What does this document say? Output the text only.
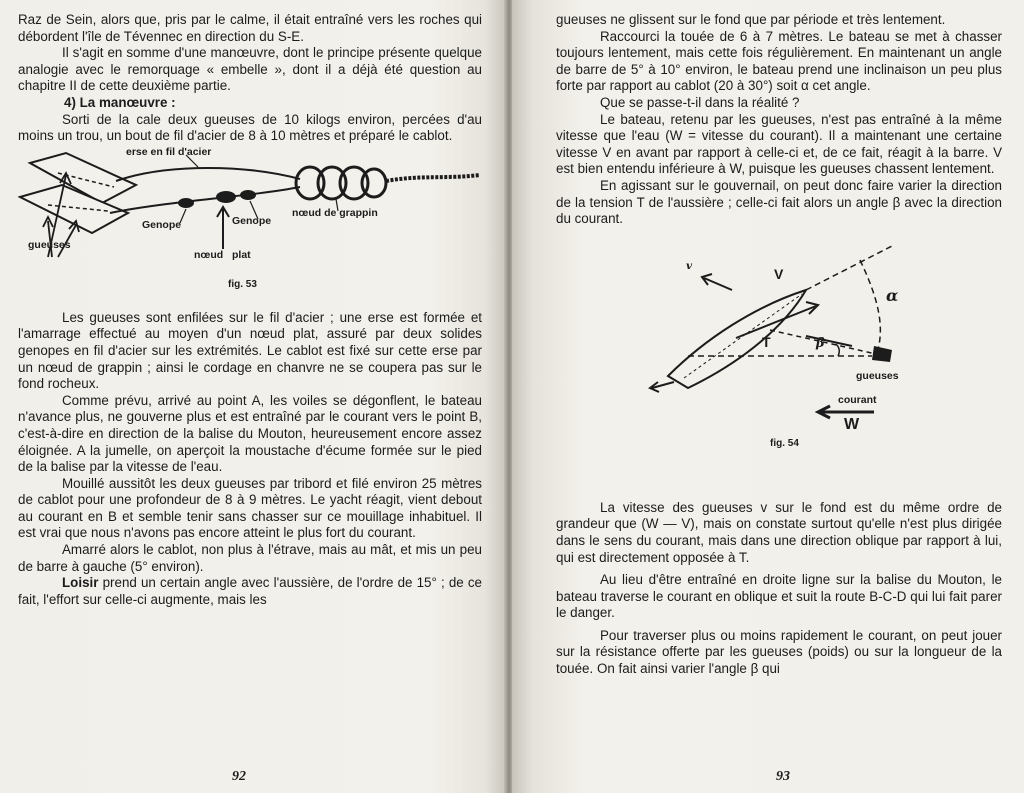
Raz de Sein, alors que, pris par le calme, il était entraîné vers les roches qui débordent l'île de Tévennec en direction du S-E.

Il s'agit en somme d'une manœuvre, dont le principe présente quelque analogie avec le remorquage « embelle », dont il a déjà été question au chapitre II de cette deuxième partie.

4) La manœuvre :

Sorti de la cale deux gueuses de 10 kilogs environ, percées d'au moins un trou, un bout de fil d'acier de 8 à 10 mètres et préparé le cablot.

erse en fil d'acier
gueuses
Genope	Genope
nœud plat
nœud de grappin
fig. 53

Les gueuses sont enfilées sur le fil d'acier ; une erse est formée et l'amarrage effectué au moyen d'un nœud plat, assuré par deux solides genopes en fil d'acier sur les extrémités. Le cablot est fixé sur cette erse par un nœud de grappin ; ainsi le cordage en chanvre ne se coupera pas sur le fond rocheux.

Comme prévu, arrivé au point A, les voiles se dégonflent, le bateau n'avance plus, ne gouverne plus et est entraîné par le courant vers le point B, c'est-à-dire en direction de la balise du Mouton, heureusement encore assez éloignée. A la jumelle, on aperçoit la moustache d'écume formée sur le pied de la balise par la vitesse de l'eau.

Mouillé aussitôt les deux gueuses par tribord et filé environ 25 mètres de cablot pour une profondeur de 8 à 9 mètres. Le yacht réagit, vient debout au courant en B et semble tenir sans chasser sur ce mouillage inhabituel. Il est vrai que nous n'avons pas encore atteint le plus fort du courant.

Amarré alors le cablot, non plus à l'étrave, mais au mât, et mis un peu de barre à gauche (5° environ).

Loisir prend un certain angle avec l'aussière, de l'ordre de 15° ; de ce fait, l'effort sur celle-ci augmente, mais les

92

gueuses ne glissent sur le fond que par période et très lentement.

Raccourci la touée de 6 à 7 mètres. Le bateau se met à chasser toujours lentement, mais cette fois régulièrement. En maintenant un angle de barre de 5° à 10° environ, le bateau prend une inclinaison un peu plus forte par rapport au cablot (20 à 30°) soit α cet angle.

Que se passe-t-il dans la réalité ?

Le bateau, retenu par les gueuses, n'est pas entraîné à la même vitesse que l'eau (W = vitesse du courant). Il a maintenant une certaine vitesse V en avant par rapport à celle-ci et, de ce fait, réagit à la barre. V est bien entendu inférieure à W, puisque les gueuses chassent lentement.

En agissant sur le gouvernail, on peut donc faire varier la direction de la tension T de l'aussière ; celle-ci fait alors un angle β avec la direction du courant.

v	V
α
T	β
gueuses
courant
W
fig. 54

La vitesse des gueuses v sur le fond est du même ordre de grandeur que (W — V), mais on constate surtout qu'elle n'est plus dirigée dans le sens du courant, mais dans une direction oblique par rapport à lui, qui est directement opposée à T.

Au lieu d'être entraîné en droite ligne sur la balise du Mouton, le bateau traverse le courant en oblique et suit la route B-C-D qui lui fait parer le danger.

Pour traverser plus ou moins rapidement le courant, on peut jouer sur la résistance offerte par les gueuses (poids) ou sur la longueur de la touée. On fait ainsi varier l'angle β qui

93
